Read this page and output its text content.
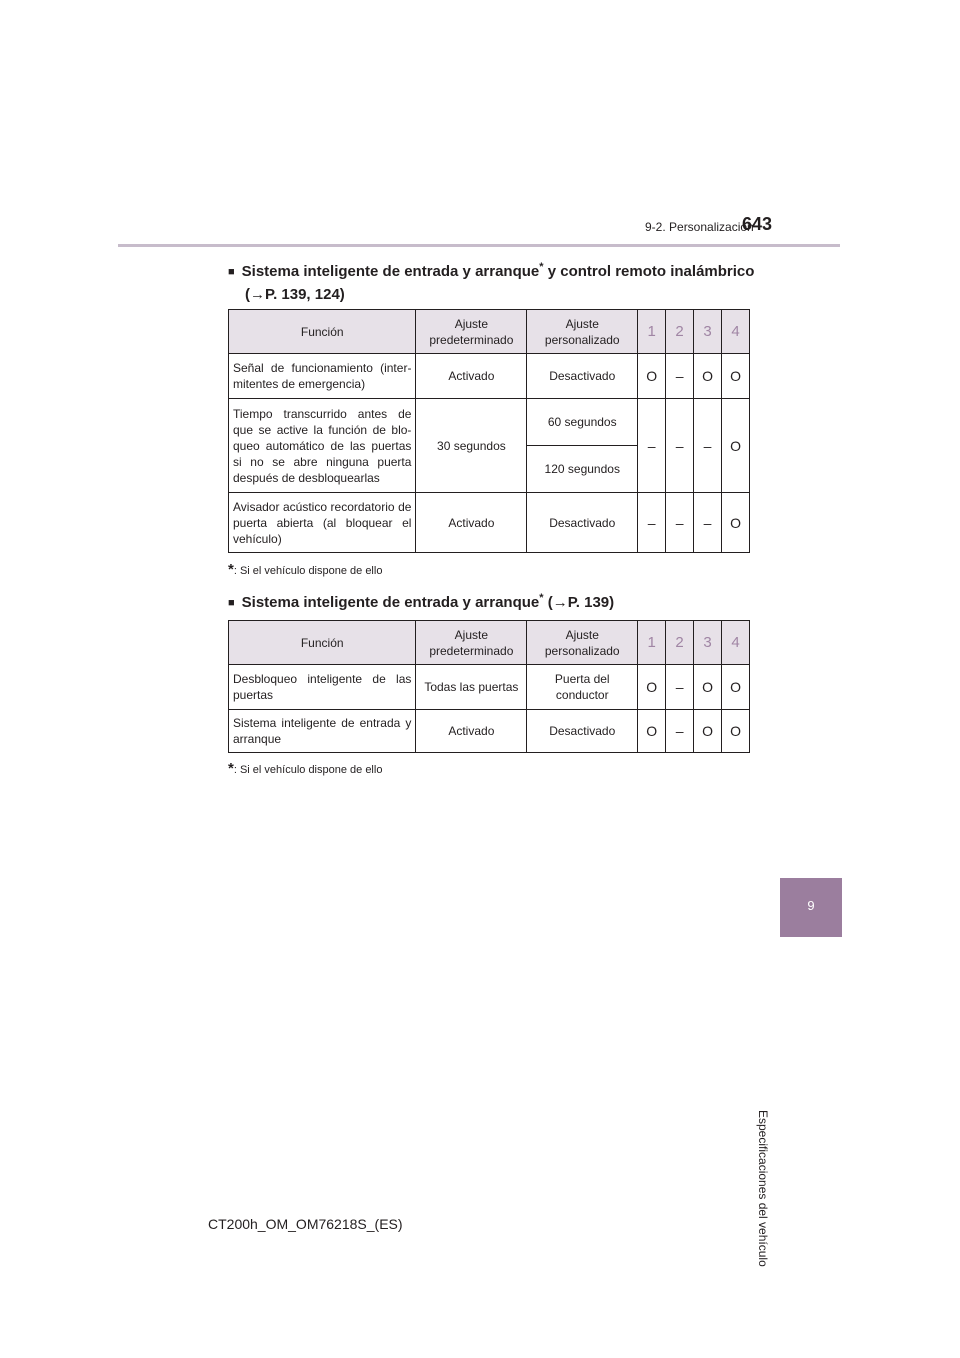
9-2. Personalización
643
9
Especificaciones del vehículo
■ Sistema inteligente de entrada y arranque* y control remoto inalámbrico
(→P. 139, 124)
Función	Ajuste predeterminado	Ajuste personalizado	1	2	3	4
Señal de funcionamiento (inter-mitentes de emergencia)	Activado	Desactivado	O	–	O	O
Tiempo transcurrido antes de que se active la función de blo-queo automático de las puertas si no se abre ninguna puerta después de desbloquearlas	30 segundos	60 segundos	–	–	–	O
		120 segundos				
Avisador acústico recordatorio de puerta abierta (al bloquear el vehículo)	Activado	Desactivado	–	–	–	O
*: Si el vehículo dispone de ello
■ Sistema inteligente de entrada y arranque* (→P. 139)
Función	Ajuste predeterminado	Ajuste personalizado	1	2	3	4
Desbloqueo inteligente de las puertas	Todas las puertas	Puerta del conductor	O	–	O	O
Sistema inteligente de entrada y arranque	Activado	Desactivado	O	–	O	O
*: Si el vehículo dispone de ello
CT200h_OM_OM76218S_(ES)
